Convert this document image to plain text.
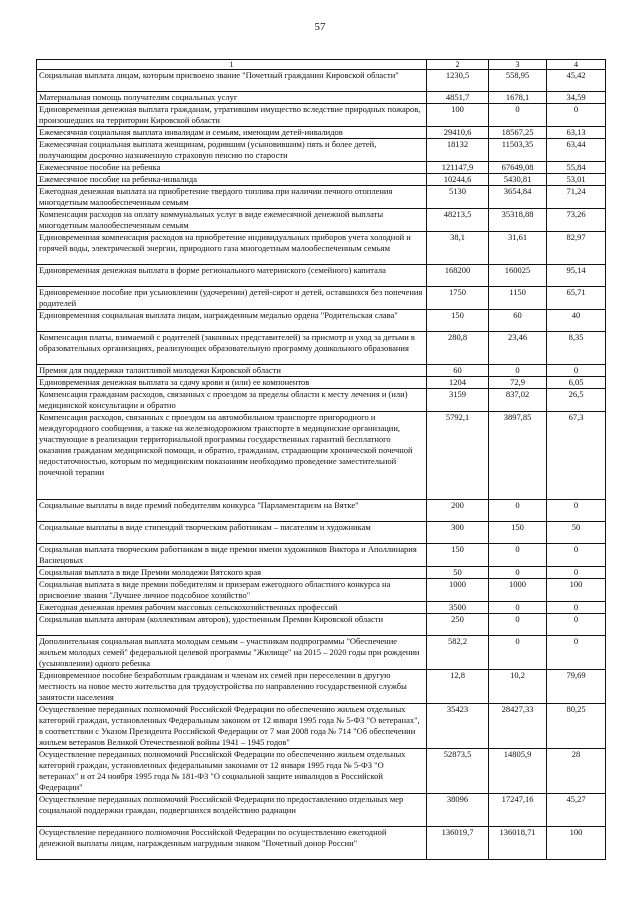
57
1	2	3	4
Социальная выплата лицам, которым присвоено звание "Почетный гражданин Кировской области"	1230,5	558,95	45,42
Материальная помощь получателям социальных услуг	4851,7	1678,1	34,59
Единовременная денежная выплата гражданам, утратившим имущество вследствие природных пожаров, произошедших на территории Кировской области	100	0	0
Ежемесячная социальная выплата инвалидам и семьям, имеющим детей-инвалидов	29410,6	18567,25	63,13
Ежемесячная социальная выплата женщинам, родившим (усыновившим) пять и более детей, получающим досрочно назначенную страховую пенсию по старости	18132	11503,35	63,44
Ежемесячное пособие на ребенка	121147,9	67649,08	55,84
Ежемесячное пособие на ребенка-инвалида	10244,6	5430,81	53,01
Ежегодная денежная выплата на приобретение твердого топлива при наличии печного отопления многодетным малообеспеченным семьям	5130	3654,84	71,24
Компенсация расходов на оплату коммунальных услуг в виде ежемесячной денежной выплаты многодетным малообеспеченным семьям	48213,5	35318,88	73,26
Единовременная компенсация расходов на приобретение индивидуальных приборов учета холодной и горячей воды, электрической энергии, природного газа многодетным малообеспеченным семьям	38,1	31,61	82,97
Единовременная денежная выплата в форме регионального материнского (семейного) капитала	168200	160025	95,14
Единовременное пособие при усыновлении (удочерении) детей-сирот и детей, оставшихся без попечения родителей	1750	1150	65,71
Единовременная социальная выплата лицам, награжденным медалью ордена "Родительская слава"	150	60	40
Компенсация платы, взимаемой с родителей (законных представителей) за присмотр и уход за детьми в образовательных организациях, реализующих образовательную программу дошкольного образования	280,8	23,46	8,35
Премия для поддержки талантливой молодежи Кировской области	60	0	0
Единовременная денежная выплата за сдачу крови и (или) ее компонентов	1204	72,9	6,05
Компенсация гражданам расходов, связанных с проездом за пределы области к месту лечения и (или) медицинской консультации и обратно	3159	837,02	26,5
Компенсация расходов, связанных с проездом на автомобильном транспорте пригородного и междугородного сообщения, а также на железнодорожном транспорте в медицинские организации, участвующие в реализации территориальной программы государственных гарантий бесплатного оказания гражданам медицинской помощи, и обратно, гражданам, страдающим хронической почечной недостаточностью, которым по медицинским показаниям необходимо проведение заместительной почечной терапии	5792,1	3897,85	67,3
Социальные выплаты в виде премий победителям конкурса "Парламентаризм на Вятке"	200	0	0
Социальные выплаты в виде стипендий творческим работникам – писателям и художникам	300	150	50
Социальная выплата творческим работникам в виде премии имени художников Виктора и Аполлинария Васнецовых	150	0	0
Социальная выплата в виде Премии молодежи Вятского края	50	0	0
Социальная выплата в виде премии победителям и призерам ежегодного областного конкурса на присвоение звания "Лучшее личное подсобное хозяйство"	1000	1000	100
Ежегодная денежная премия рабочим массовых сельскохозяйственных профессий	3500	0	0
Социальная выплата авторам (коллективам авторов), удостоенным Премии Кировской области	250	0	0
Дополнительная социальная выплата молодым семьям – участникам подпрограммы "Обеспечение жильем молодых семей" федеральной целевой программы "Жилище" на 2015 – 2020 годы при рождении (усыновлении) одного ребенка	582,2	0	0
Единовременное пособие безработным гражданам и членам их семей при переселении в другую местность на новое место жительства для трудоустройства по направлению государственной службы занятости населения	12,8	10,2	79,69
Осуществление переданных полномочий Российской Федерации по обеспечению жильем отдельных категорий граждан, установленных Федеральным законом от 12 января 1995 года № 5-ФЗ "О ветеранах", в соответствии с Указом Президента Российской Федерации от 7 мая 2008 года № 714 "Об обеспечении жильем ветеранов Великой Отечественной войны 1941 – 1945 годов"	35423	28427,33	80,25
Осуществление переданных полномочий Российской Федерации по обеспечению жильем отдельных категорий граждан, установленных федеральными законами от 12 января 1995 года № 5-ФЗ "О ветеранах" и от 24 ноября 1995 года № 181-ФЗ "О социальной защите инвалидов в Российской Федерации"	52873,5	14805,9	28
Осуществление переданных полномочий Российской Федерации по предоставлению отдельных мер социальной поддержки граждан, подвергшихся воздействию радиации	38096	17247,16	45,27
Осуществление переданного полномочия Российской Федерации по осуществлению ежегодной денежной выплаты лицам, награжденным нагрудным знаком "Почетный донор России"	136019,7	136018,71	100
